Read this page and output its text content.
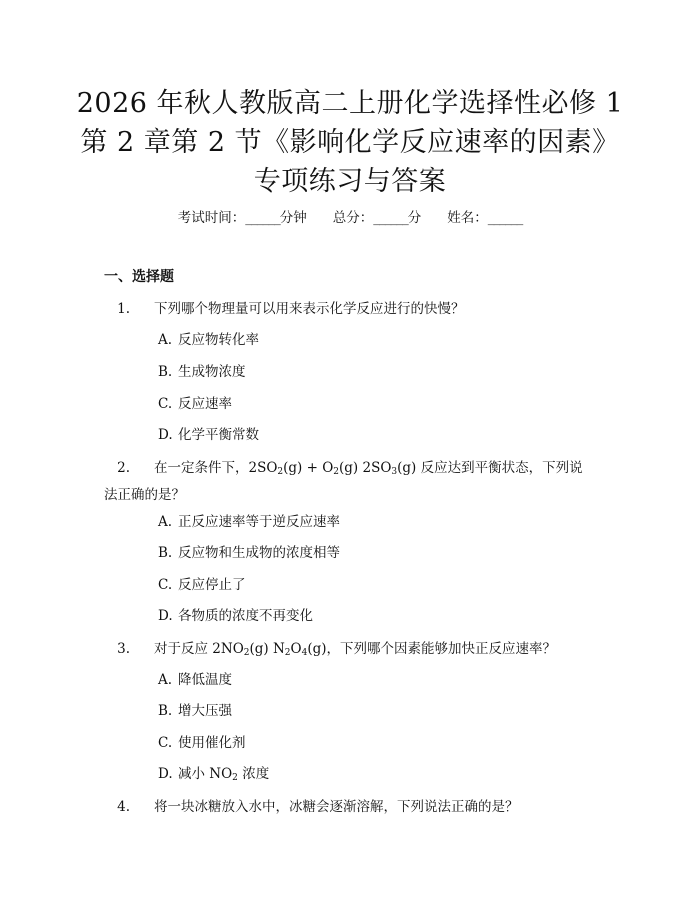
2026 年秋人教版高二上册化学选择性必修 1
第 2 章第 2 节《影响化学反应速率的因素》
专项练习与答案
考试时间：______分钟 总分：______分 姓名：______
一、选择题
1. 下列哪个物理量可以用来表示化学反应进行的快慢？
A. 反应物转化率
B. 生成物浓度
C. 反应速率
D. 化学平衡常数
2. 在一定条件下，$2SO_2(g) + O_2(g)$ $2SO_3(g)$ 反应达到平衡状态，下列说
法正确的是？
A. 正反应速率等于逆反应速率
B. 反应物和生成物的浓度相等
C. 反应停止了
D. 各物质的浓度不再变化
3. 对于反应 $2NO_2(g)$ $N_2O_4(g)$，下列哪个因素能够加快正反应速率？
A. 降低温度
B. 增大压强
C. 使用催化剂
D. 减小 $NO_2$ 浓度
4. 将一块冰糖放入水中，冰糖会逐渐溶解，下列说法正确的是？
